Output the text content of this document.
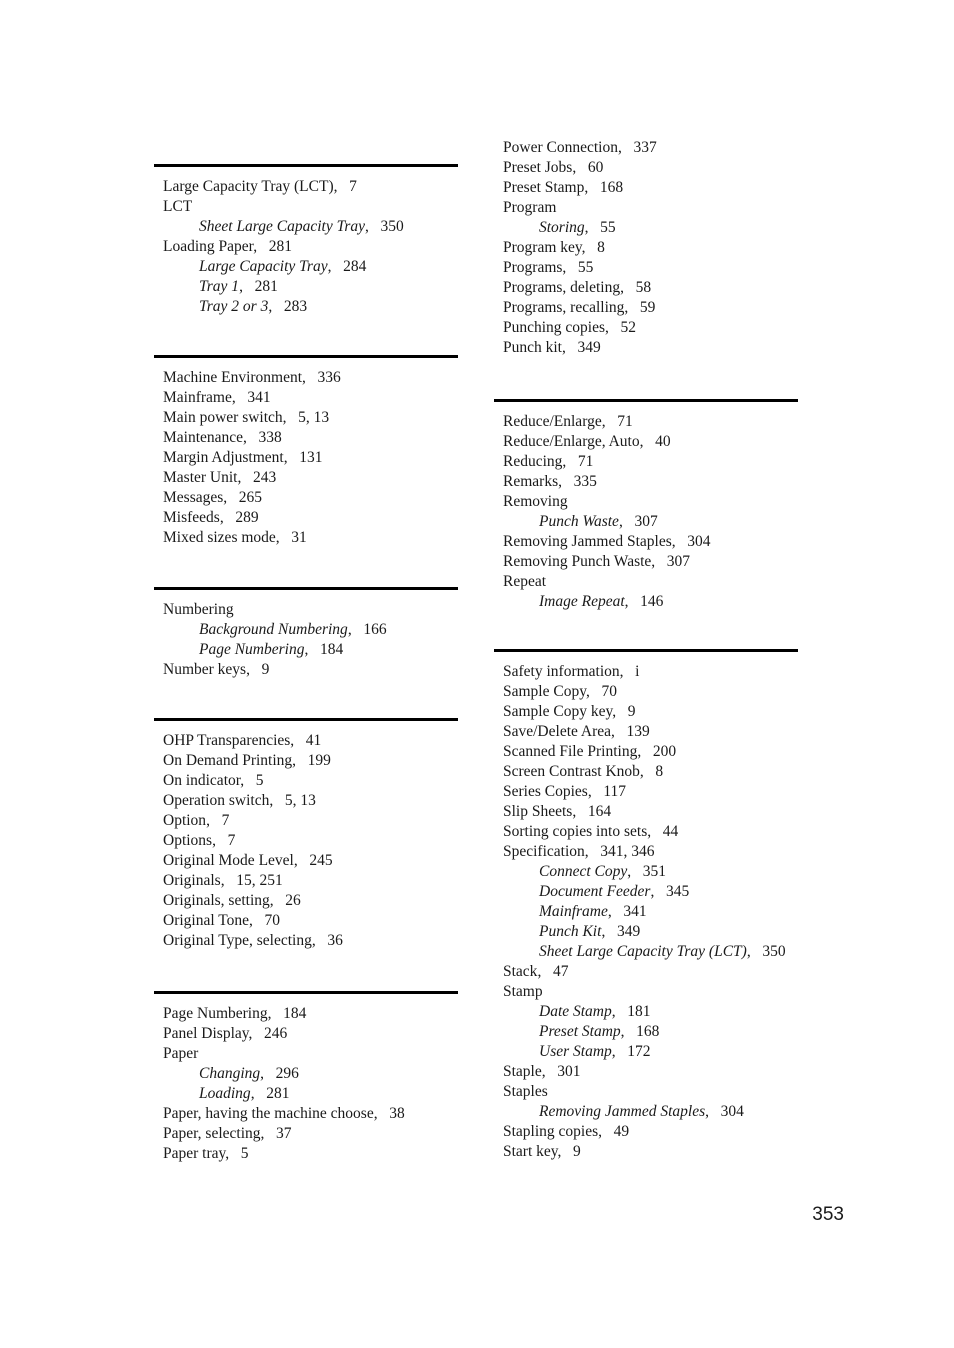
Large Capacity Tray (LCT),  7
LCT
Sheet Large Capacity Tray,  350
Loading Paper,  281
Large Capacity Tray,  284
Tray 1,  281
Tray 2 or 3,  283
Machine Environment,  336
Mainframe,  341
Main power switch,  5, 13
Maintenance,  338
Margin Adjustment,  131
Master Unit,  243
Messages,  265
Misfeeds,  289
Mixed sizes mode,  31
Numbering
Background Numbering,  166
Page Numbering,  184
Number keys,  9
OHP Transparencies,  41
On Demand Printing,  199
On indicator,  5
Operation switch,  5, 13
Option,  7
Options,  7
Original Mode Level,  245
Originals,  15, 251
Originals, setting,  26
Original Tone,  70
Original Type, selecting,  36
Page Numbering,  184
Panel Display,  246
Paper
Changing,  296
Loading,  281
Paper, having the machine choose,  38
Paper, selecting,  37
Paper tray,  5
Power Connection,  337
Preset Jobs,  60
Preset Stamp,  168
Program
Storing,  55
Program key,  8
Programs,  55
Programs, deleting,  58
Programs, recalling,  59
Punching copies,  52
Punch kit,  349
Reduce/Enlarge,  71
Reduce/Enlarge, Auto,  40
Reducing,  71
Remarks,  335
Removing
Punch Waste,  307
Removing Jammed Staples,  304
Removing Punch Waste,  307
Repeat
Image Repeat,  146
Safety information,  i
Sample Copy,  70
Sample Copy key,  9
Save/Delete Area,  139
Scanned File Printing,  200
Screen Contrast Knob,  8
Series Copies,  117
Slip Sheets,  164
Sorting copies into sets,  44
Specification,  341, 346
Connect Copy,  351
Document Feeder,  345
Mainframe,  341
Punch Kit,  349
Sheet Large Capacity Tray (LCT),  350
Stack,  47
Stamp
Date Stamp,  181
Preset Stamp,  168
User Stamp,  172
Staple,  301
Staples
Removing Jammed Staples,  304
Stapling copies,  49
Start key,  9
353
